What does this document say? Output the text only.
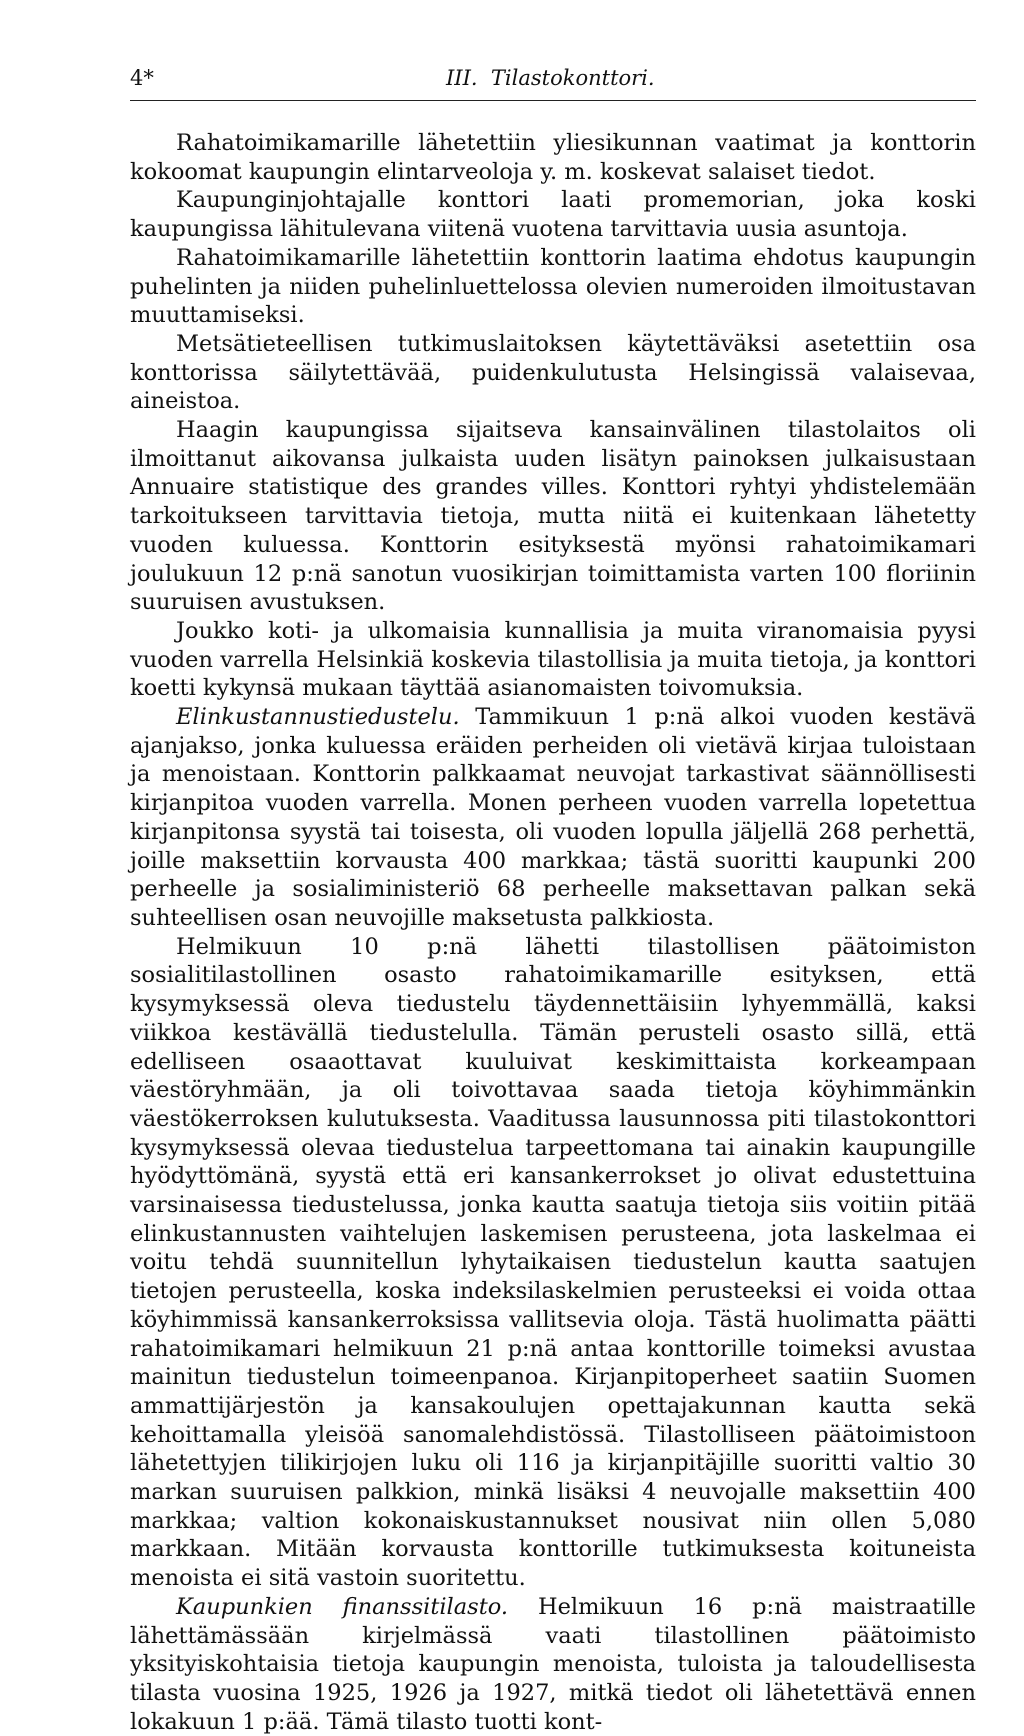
4*	III.  Tilastokonttori.

Rahatoimikamarille lähetettiin yliesikunnan vaatimat ja konttorin kokoomat kaupungin elintarveoloja y. m. koskevat salaiset tiedot.

Kaupunginjohtajalle konttori laati promemorian, joka koski kaupungissa lähitulevana viitenä vuotena tarvittavia uusia asuntoja.

Rahatoimikamarille lähetettiin konttorin laatima ehdotus kaupungin puhelinten ja niiden puhelinluettelossa olevien numeroiden ilmoitustavan muuttamiseksi.

Metsätieteellisen tutkimuslaitoksen käytettäväksi asetettiin osa konttorissa säilytettävää, puidenkulutusta Helsingissä valaisevaa, aineistoa.

Haagin kaupungissa sijaitseva kansainvälinen tilastolaitos oli ilmoittanut aikovansa julkaista uuden lisätyn painoksen julkaisustaan Annuaire statistique des grandes villes. Konttori ryhtyi yhdistelemään tarkoitukseen tarvittavia tietoja, mutta niitä ei kuitenkaan lähetetty vuoden kuluessa. Konttorin esityksestä myönsi rahatoimikamari joulukuun 12 p:nä sanotun vuosikirjan toimittamista varten 100 floriinin suuruisen avustuksen.

Joukko koti- ja ulkomaisia kunnallisia ja muita viranomaisia pyysi vuoden varrella Helsinkiä koskevia tilastollisia ja muita tietoja, ja konttori koetti kykynsä mukaan täyttää asianomaisten toivomuksia.

Elinkustannustiedustelu. Tammikuun 1 p:nä alkoi vuoden kestävä ajanjakso, jonka kuluessa eräiden perheiden oli vietävä kirjaa tuloistaan ja menoistaan. Konttorin palkkaamat neuvojat tarkastivat säännöllisesti kirjanpitoa vuoden varrella. Monen perheen vuoden varrella lopetettua kirjanpitonsa syystä tai toisesta, oli vuoden lopulla jäljellä 268 perhettä, joille maksettiin korvausta 400 markkaa; tästä suoritti kaupunki 200 perheelle ja sosialiministeriö 68 perheelle maksettavan palkan sekä suhteellisen osan neuvojille maksetusta palkkiosta.

Helmikuun 10 p:nä lähetti tilastollisen päätoimiston sosialitilastollinen osasto rahatoimikamarille esityksen, että kysymyksessä oleva tiedustelu täydennettäisiin lyhyemmällä, kaksi viikkoa kestävällä tiedustelulla. Tämän perusteli osasto sillä, että edelliseen osaaottavat kuuluivat keskimittaista korkeampaan väestöryhmään, ja oli toivottavaa saada tietoja köyhimmänkin väestökerroksen kulutuksesta. Vaaditussa lausunnossa piti tilastokonttori kysymyksessä olevaa tiedustelua tarpeettomana tai ainakin kaupungille hyödyttömänä, syystä että eri kansankerrokset jo olivat edustettuina varsinaisessa tiedustelussa, jonka kautta saatuja tietoja siis voitiin pitää elinkustannusten vaihtelujen laskemisen perusteena, jota laskelmaa ei voitu tehdä suunnitellun lyhytaikaisen tiedustelun kautta saatujen tietojen perusteella, koska indeksilaskelmien perusteeksi ei voida ottaa köyhimmissä kansankerroksissa vallitsevia oloja. Tästä huolimatta päätti rahatoimikamari helmikuun 21 p:nä antaa konttorille toimeksi avustaa mainitun tiedustelun toimeenpanoa. Kirjanpitoperheet saatiin Suomen ammattijärjestön ja kansakoulujen opettajakunnan kautta sekä kehoittamalla yleisöä sanomalehdistössä. Tilastolliseen päätoimistoon lähetettyjen tilikirjojen luku oli 116 ja kirjanpitäjille suoritti valtio 30 markan suuruisen palkkion, minkä lisäksi 4 neuvojalle maksettiin 400 markkaa; valtion kokonaiskustannukset nousivat niin ollen 5,080 markkaan. Mitään korvausta konttorille tutkimuksesta koituneista menoista ei sitä vastoin suoritettu.

Kaupunkien finanssitilasto. Helmikuun 16 p:nä maistraatille lähettämässään kirjelmässä vaati tilastollinen päätoimisto yksityiskohtaisia tietoja kaupungin menoista, tuloista ja taloudellisesta tilasta vuosina 1925, 1926 ja 1927, mitkä tiedot oli lähetettävä ennen lokakuun 1 p:ää. Tämä tilasto tuotti kont-
